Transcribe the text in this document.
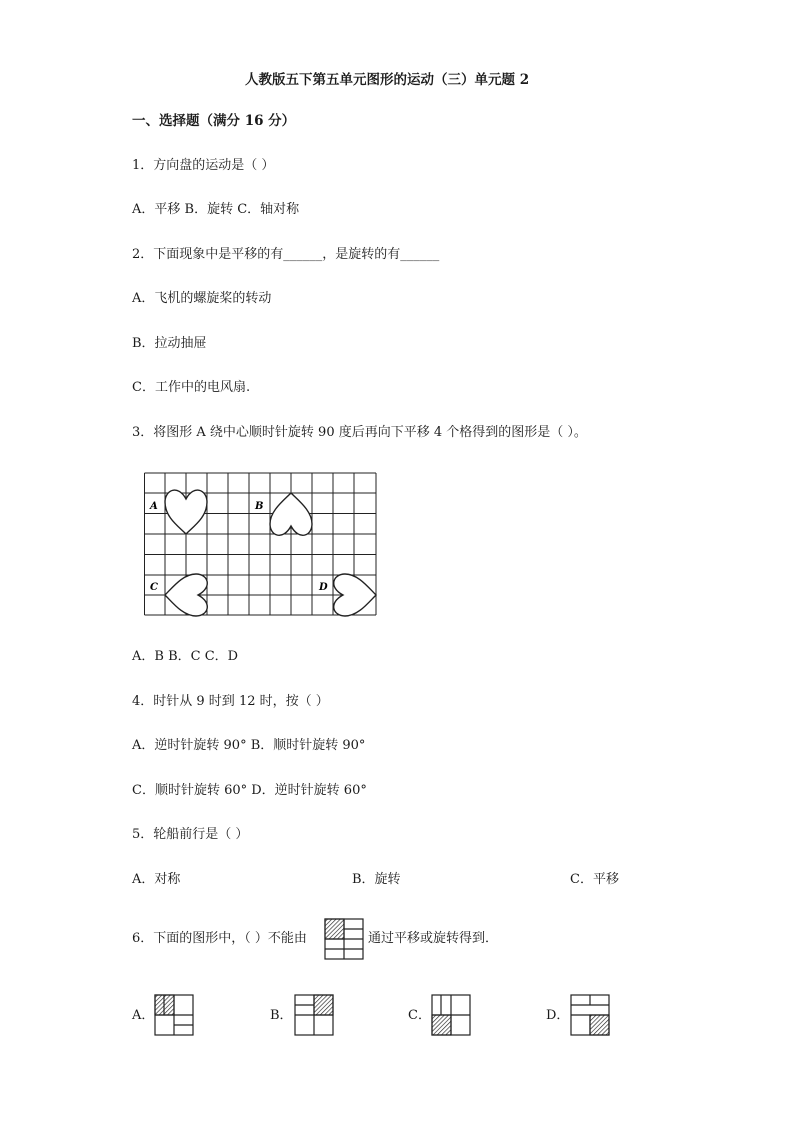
人教版五下第五单元图形的运动（三）单元题 2
一、选择题（满分 16 分）
1．方向盘的运动是（ ）
A．平移 B．旋转 C．轴对称
2．下面现象中是平移的有______，是旋转的有______
A．飞机的螺旋桨的转动
B．拉动抽屉
C．工作中的电风扇.
3．将图形 A 绕中心顺时针旋转 90 度后再向下平移 4 个格得到的图形是（ ）。
A	B
C	D
A．B B．C C．D
4．时针从 9 时到 12 时，按（ ）
A．逆时针旋转 90° B．顺时针旋转 90°
C．顺时针旋转 60° D．逆时针旋转 60°
5．轮船前行是（ ）
A．对称	B．旋转	C．平移
6．下面的图形中，（ ）不能由	通过平移或旋转得到．
A．	B．	C．	D．
